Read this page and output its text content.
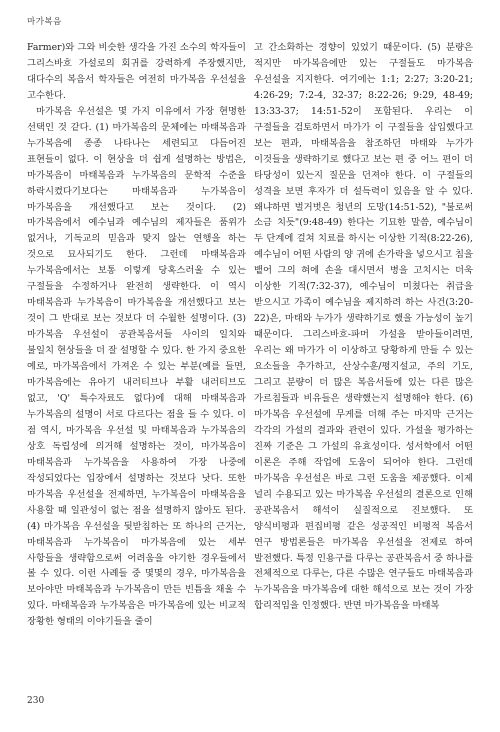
마가복음

Farmer)와 그와 비슷한 생각을 가진 소수의 학자들이 그리스바흐 가설로의 회귀를 강력하게 주장했지만, 대다수의 복음서 학자들은 여전히 마가복음 우선설을 고수한다.

마가복음 우선설은 몇 가지 이유에서 가장 현명한 선택인 것 같다. (1) 마가복음의 문체에는 마태복음과 누가복음에 종종 나타나는 세련되고 다듬어진 표현들이 없다. 이 현상을 더 쉽게 설명하는 방법은, 마가복음이 마태복음과 누가복음의 문학적 수준을 하락시켰다기보다는 마태복음과 누가복음이 마가복음을 개선했다고 보는 것이다. (2) 마가복음에서 예수님과 예수님의 제자들은 품위가 없거나, 기독교의 믿음과 맞지 않는 연행을 하는 것으로 묘사되기도 한다. 그런데 마태복음과 누가복음에서는 보통 이렇게 당혹스러울 수 있는 구절들을 수정하거나 완전히 생략한다. 이 역시 마태복음과 누가복음이 마가복음을 개선했다고 보는 것이 그 반대로 보는 것보다 더 수월한 설명이다. (3) 마가복음 우선설이 공관복음서들 사이의 일치와 불일치 현상들을 더 잘 설명할 수 있다. 한 가지 중요한 예로, 마가복음에서 가져온 수 있는 부분(예를 들면, 마가복음에는 유아기 내러티브나 부활 내러티브도 없고, 'Q' 특수자료도 없다)에 대해 마태복음과 누가복음의 설명이 서로 다르다는 점을 들 수 있다. 이 점 역시, 마가복음 우선설 및 마태복음과 누가복음의 상호 독립성에 의거해 설명하는 것이, 마가복음이 마태복음과 누가복음을 사용하여 가장 나중에 작성되었다는 입장에서 설명하는 것보다 낫다. 또한 마가복음 우선설을 전제하면, 누가복음이 마태복음을 사용할 때 일관성이 없는 점을 설명하지 않아도 된다. (4) 마가복음 우선설을 뒷받침하는 또 하나의 근거는, 마태복음과 누가복음이 마가복음에 있는 세부 사항들을 생략함으로써 어려움을 야기한 경우들에서 볼 수 있다. 이런 사례들 중 몇몇의 경우, 마가복음을 보아야만 마태복음과 누가복음이 만든 빈틈을 채울 수 있다. 마태복음과 누가복음은 마가복음에 있는 비교적 장황한 형태의 이야기들을 줄이

고 간소화하는 경향이 있었기 때문이다. (5) 분량은 적지만 마가복음에만 있는 구절들도 마가복음 우선설을 지지한다. 여기에는 1:1; 2:27; 3:20-21; 4:26-29; 7:2-4, 32-37; 8:22-26; 9:29, 48-49; 13:33-37; 14:51-52이 포함된다. 우리는 이 구절들을 검토하면서 마가가 이 구절들을 삽입했다고 보는 편과, 마태복음을 참조하던 마태와 누가가 이것들을 생략하기로 했다고 보는 편 중 어느 편이 더 타당성이 있는지 질문을 던져야 한다. 이 구절들의 성격을 보면 후자가 더 설득력이 있음을 알 수 있다. 왜냐하면 벌거벗은 청년의 도망(14:51-52), "불로써 소금 치듯"(9:48-49) 한다는 기묘한 말씀, 예수님이 두 단계에 걸쳐 치료를 하시는 이상한 기적(8:22-26), 예수님이 어떤 사람의 양 귀에 손가락을 넣으시고 침을 뱉어 그의 혀에 손을 대시면서 병을 고치시는 더욱 이상한 기적(7:32-37), 예수님이 미쳤다는 취급을 받으시고 가족이 예수님을 제지하려 하는 사건(3:20-22)은, 마태와 누가가 생략하기로 했을 가능성이 높기 때문이다. 그리스바흐-파머 가설을 받아들이려면, 우리는 왜 마가가 이 이상하고 당황하게 만들 수 있는 요소들을 추가하고, 산상수훈/평지설교, 주의 기도, 그리고 분량이 더 많은 복음서들에 있는 다른 많은 가르침들과 비유들은 생략했는지 설명해야 한다. (6) 마가복음 우선설에 무게를 더해 주는 마지막 근거는 각각의 가설의 결과와 관련이 있다. 가설을 평가하는 진짜 기준은 그 가설의 유효성이다. 성서학에서 어떤 이론은 주해 작업에 도움이 되어야 한다. 그런데 마가복음 우선설은 바로 그런 도움을 제공했다. 이제 널리 수용되고 있는 마가복음 우선설의 결론으로 인해 공관복음서 해석이 실질적으로 진보했다. 또 양식비평과 편집비평 같은 성공적인 비평적 복음서 연구 방법론들은 마가복음 우선설을 전제로 하여 발전했다. 특정 인용구를 다루는 공관복음서 중 하나를 전체적으로 다루는, 다른 수많은 연구들도 마태복음과 누가복음을 마가복음에 대한 해석으로 보는 것이 가장 합리적임을 인정했다. 반면 마가복음을 마태복

230
